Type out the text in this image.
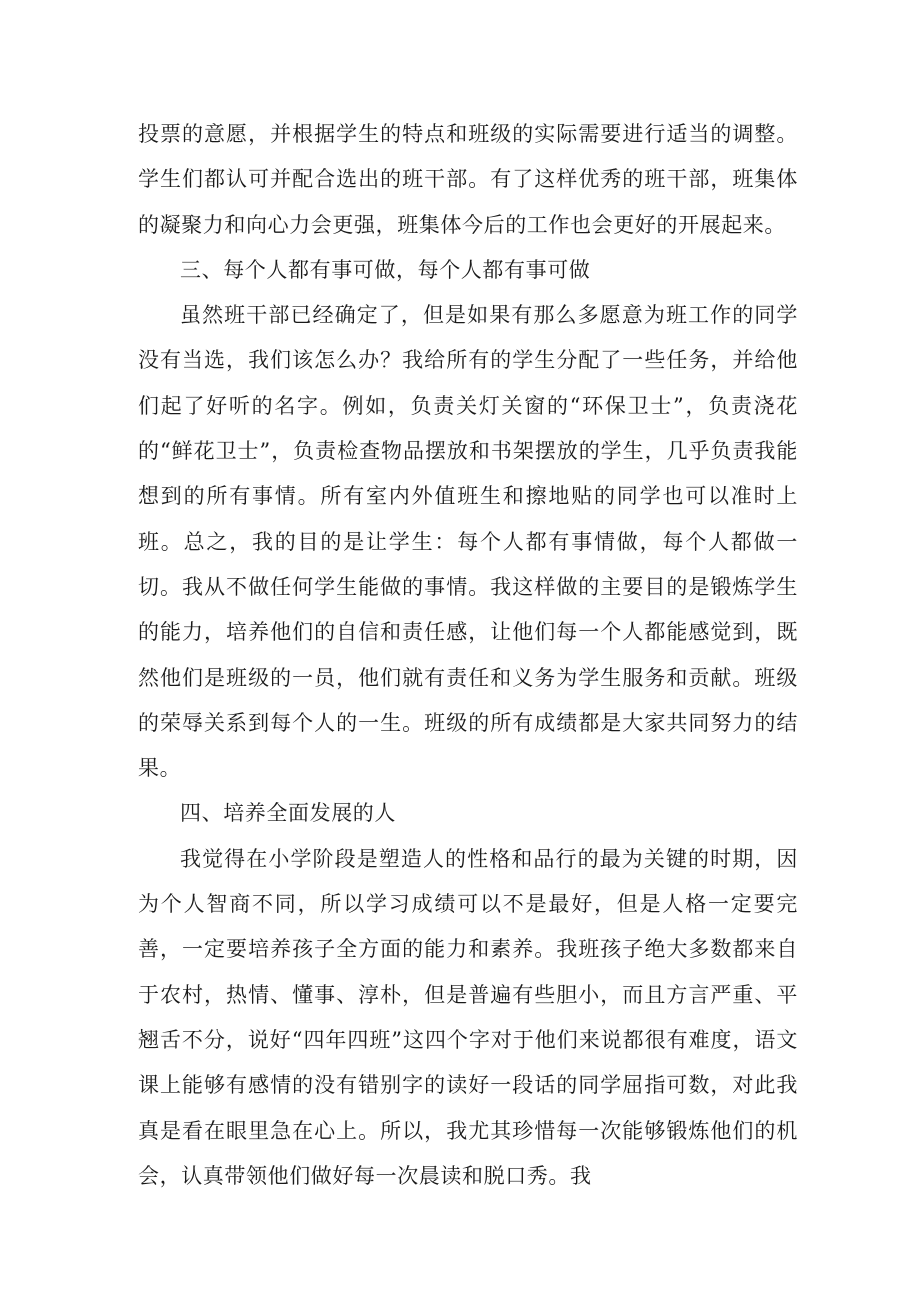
投票的意愿，并根据学生的特点和班级的实际需要进行适当的调整。学生们都认可并配合选出的班干部。有了这样优秀的班干部，班集体的凝聚力和向心力会更强，班集体今后的工作也会更好的开展起来。

三、每个人都有事可做，每个人都有事可做

虽然班干部已经确定了，但是如果有那么多愿意为班工作的同学没有当选，我们该怎么办？我给所有的学生分配了一些任务，并给他们起了好听的名字。例如，负责关灯关窗的“环保卫士”，负责浇花的“鲜花卫士”，负责检查物品摆放和书架摆放的学生，几乎负责我能想到的所有事情。所有室内外值班生和擦地贴的同学也可以准时上班。总之，我的目的是让学生：每个人都有事情做，每个人都做一切。我从不做任何学生能做的事情。我这样做的主要目的是锻炼学生的能力，培养他们的自信和责任感，让他们每一个人都能感觉到，既然他们是班级的一员，他们就有责任和义务为学生服务和贡献。班级的荣辱关系到每个人的一生。班级的所有成绩都是大家共同努力的结果。

四、培养全面发展的人

我觉得在小学阶段是塑造人的性格和品行的最为关键的时期，因为个人智商不同，所以学习成绩可以不是最好，但是人格一定要完善，一定要培养孩子全方面的能力和素养。我班孩子绝大多数都来自于农村，热情、懂事、淳朴，但是普遍有些胆小，而且方言严重、平翘舌不分，说好“四年四班”这四个字对于他们来说都很有难度，语文课上能够有感情的没有错别字的读好一段话的同学屈指可数，对此我真是看在眼里急在心上。所以，我尤其珍惜每一次能够锻炼他们的机会，认真带领他们做好每一次晨读和脱口秀。我
